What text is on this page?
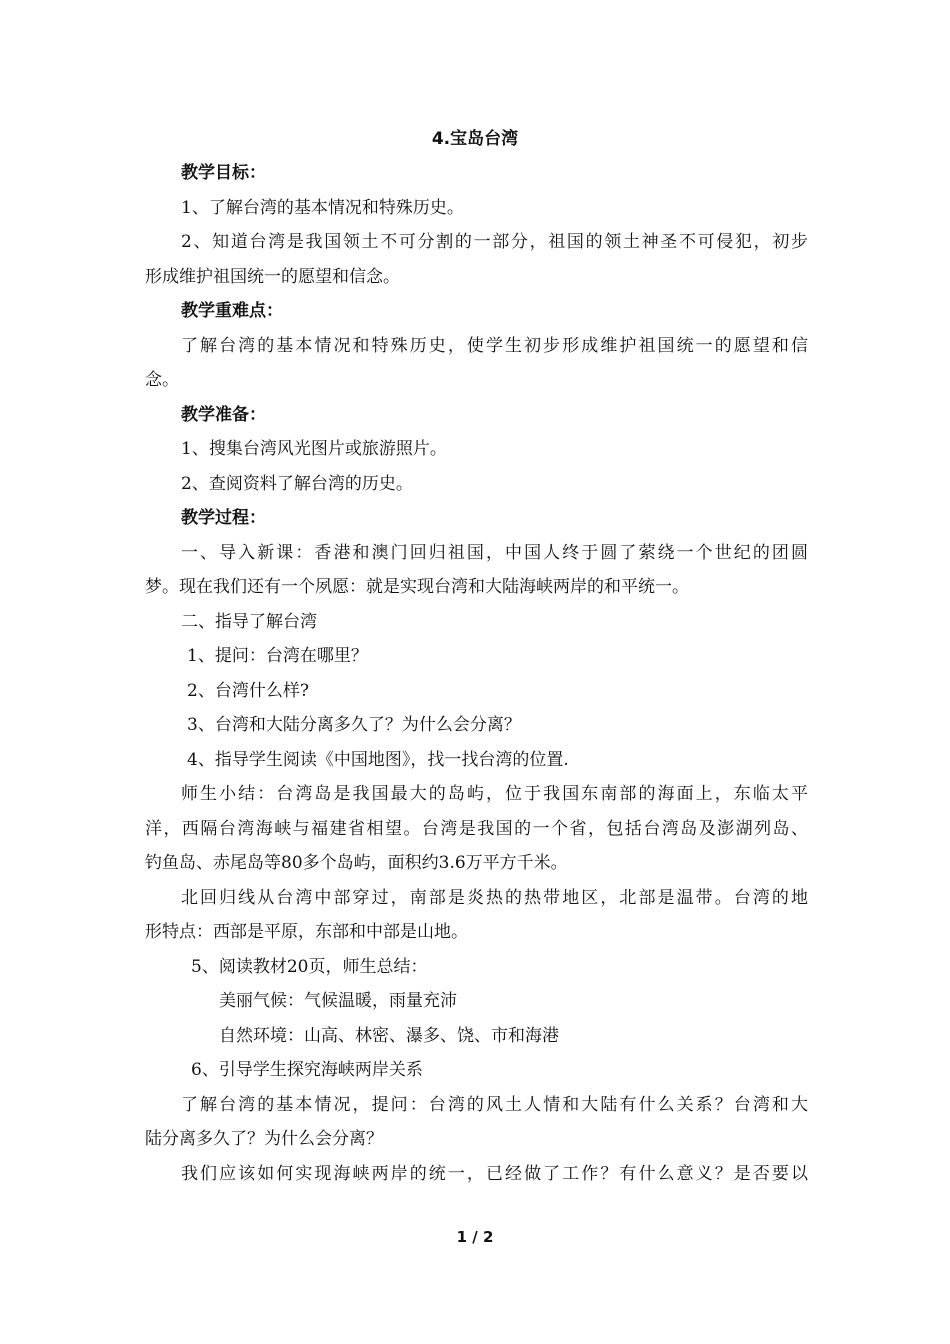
4.宝岛台湾
教学目标：
1、了解台湾的基本情况和特殊历史。
2、知道台湾是我国领土不可分割的一部分，祖国的领土神圣不可侵犯，初步
形成维护祖国统一的愿望和信念。
教学重难点：
了解台湾的基本情况和特殊历史，使学生初步形成维护祖国统一的愿望和信
念。
教学准备：
1、搜集台湾风光图片或旅游照片。
2、查阅资料了解台湾的历史。
教学过程：
一、导入新课：香港和澳门回归祖国，中国人终于圆了萦绕一个世纪的团圆
梦。现在我们还有一个夙愿：就是实现台湾和大陆海峡两岸的和平统一。
二、指导了解台湾
1、提问：台湾在哪里？
2、台湾什么样?
3、台湾和大陆分离多久了？为什么会分离？
4、指导学生阅读《中国地图》，找一找台湾的位置.
师生小结：台湾岛是我国最大的岛屿，位于我国东南部的海面上，东临太平
洋，西隔台湾海峡与福建省相望。台湾是我国的一个省，包括台湾岛及澎湖列岛、
钓鱼岛、赤尾岛等80多个岛屿，面积约3.6万平方千米。
北回归线从台湾中部穿过，南部是炎热的热带地区，北部是温带。台湾的地
形特点：西部是平原，东部和中部是山地。
5、阅读教材20页，师生总结：
美丽气候：气候温暖，雨量充沛
自然环境：山高、林密、瀑多、饶、市和海港
6、引导学生探究海峡两岸关系
了解台湾的基本情况，提问：台湾的风土人情和大陆有什么关系？台湾和大
陆分离多久了？为什么会分离？
我们应该如何实现海峡两岸的统一，已经做了工作？有什么意义？是否要以
1 / 2
